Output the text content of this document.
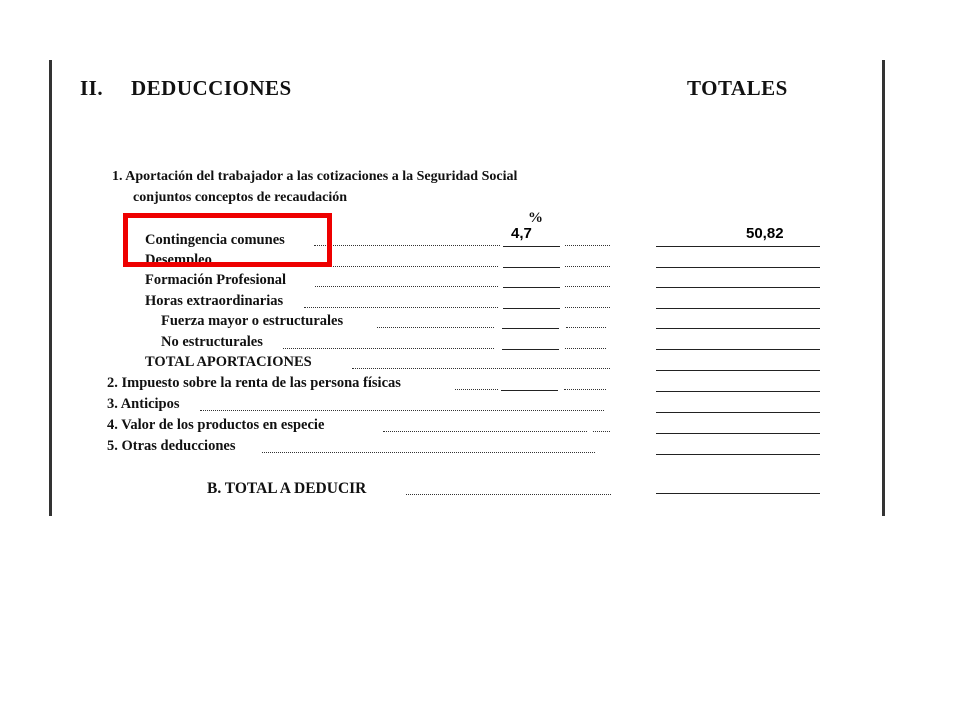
II. DEDUCCIONES	TOTALES
1. Aportación del trabajador a las cotizaciones a la Seguridad Social
conjuntos conceptos de recaudación
%
Contingencia comunes
Desempleo
Formación Profesional
Horas extraordinarias
Fuerza mayor o estructurales
No estructurales
TOTAL APORTACIONES
2. Impuesto sobre la renta de las persona físicas
3. Anticipos
4. Valor de los productos en especie
5. Otras deducciones
B. TOTAL A DEDUCIR
4,7	50,82
